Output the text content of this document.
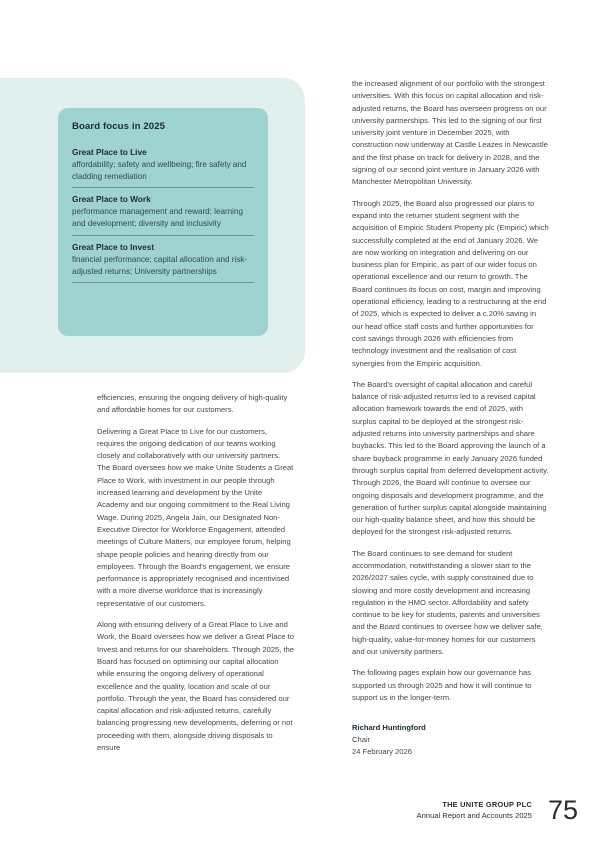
Board focus in 2025
Great Place to Live
affordability; safety and wellbeing; fire safety and cladding remediation
Great Place to Work
performance management and reward; learning and development; diversity and inclusivity
Great Place to Invest
financial performance; capital allocation and risk-adjusted returns; University partnerships

efficiencies, ensuring the ongoing delivery of high-quality and affordable homes for our customers.

Delivering a Great Place to Live for our customers, requires the ongoing dedication of our teams working closely and collaboratively with our university partners. The Board oversees how we make Unite Students a Great Place to Work, with investment in our people through increased learning and development by the Unite Academy and our ongoing commitment to the Real Living Wage. During 2025, Angela Jain, our Designated Non-Executive Director for Workforce Engagement, attended meetings of Culture Matters, our employee forum, helping shape people policies and hearing directly from our employees. Through the Board's engagement, we ensure performance is appropriately recognised and incentivised with a more diverse workforce that is increasingly representative of our customers.

Along with ensuring delivery of a Great Place to Live and Work, the Board oversees how we deliver a Great Place to Invest and returns for our shareholders. Through 2025, the Board has focused on optimising our capital allocation while ensuring the ongoing delivery of operational excellence and the quality, location and scale of our portfolio. Through the year, the Board has considered our capital allocation and risk-adjusted returns, carefully balancing progressing new developments, deferring or not proceeding with them, alongside driving disposals to ensure

the increased alignment of our portfolio with the strongest universities. With this focus on capital allocation and risk-adjusted returns, the Board has overseen progress on our university partnerships. This led to the signing of our first university joint venture in December 2025, with construction now underway at Castle Leazes in Newcastle and the first phase on track for delivery in 2028, and the signing of our second joint venture in January 2026 with Manchester Metropolitan University.

Through 2025, the Board also progressed our plans to expand into the returner student segment with the acquisition of Empiric Student Property plc (Empiric) which successfully completed at the end of January 2026. We are now working on integration and delivering on our business plan for Empiric, as part of our wider focus on operational excellence and our return to growth. The Board continues its focus on cost, margin and improving operational efficiency, leading to a restructuring at the end of 2025, which is expected to deliver a c.20% saving in our head office staff costs and further opportunities for cost savings through 2026 with efficiencies from technology investment and the realisation of cost synergies from the Empiric acquisition.

The Board's oversight of capital allocation and careful balance of risk-adjusted returns led to a revised capital allocation framework towards the end of 2025, with surplus capital to be deployed at the strongest risk-adjusted returns into university partnerships and share buybacks. This led to the Board approving the launch of a share buyback programme in early January 2026 funded through surplus capital from deferred development activity. Through 2026, the Board will continue to oversee our ongoing disposals and development programme, and the generation of further surplus capital alongside maintaining our high-quality balance sheet, and how this should be deployed for the strongest risk-adjusted returns.

The Board continues to see demand for student accommodation, notwithstanding a slower start to the 2026/2027 sales cycle, with supply constrained due to slowing and more costly development and increasing regulation in the HMO sector. Affordability and safety continue to be key for students, parents and universities and the Board continues to oversee how we deliver safe, high-quality, value-for-money homes for our customers and our university partners.

The following pages explain how our governance has supported us through 2025 and how it will continue to support us in the longer-term.

Richard Huntingford
Chair
24 February 2026
THE UNITE GROUP PLC
Annual Report and Accounts 2025 75
